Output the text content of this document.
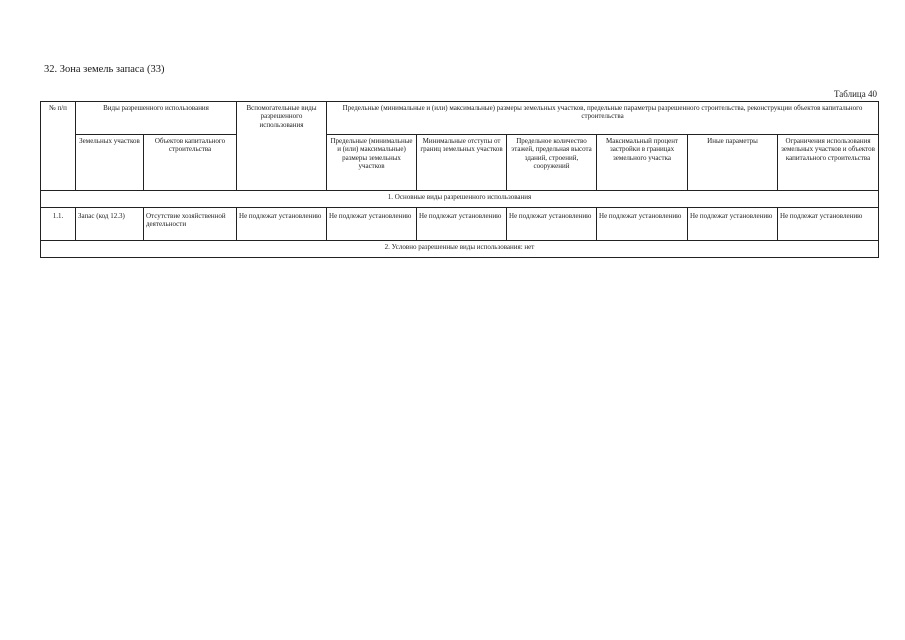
32. Зона земель запаса (33)
Таблица 40
№ п/п	Виды разрешенного использования		Вспомогательные виды разрешенного использования	Предельные (минимальные и (или) максимальные) размеры земельных участков, предельные параметры разрешенного строительства, реконструкции объектов капитального строительства					
	Земельных участков	Объектов капитального строительства		Предельные (минимальные и (или) максимальные) размеры земельных участков	Минимальные отступы от границ земельных участков	Предельное количество этажей, предельная высота зданий, строений, сооружений	Максимальный процент застройки в границах земельного участка	Иные параметры	Ограничения использования земельных участков и объектов капитального строительства
1. Основные виды разрешенного использования									
1.1.	Запас (код 12.3)	Отсутствие хозяйственной деятельности	Не подлежат установлению	Не подлежат установлению	Не подлежат установлению	Не подлежат установлению	Не подлежат установлению	Не подлежат установлению	Не подлежат установлению
2. Условно разрешенные виды использования: нет									
